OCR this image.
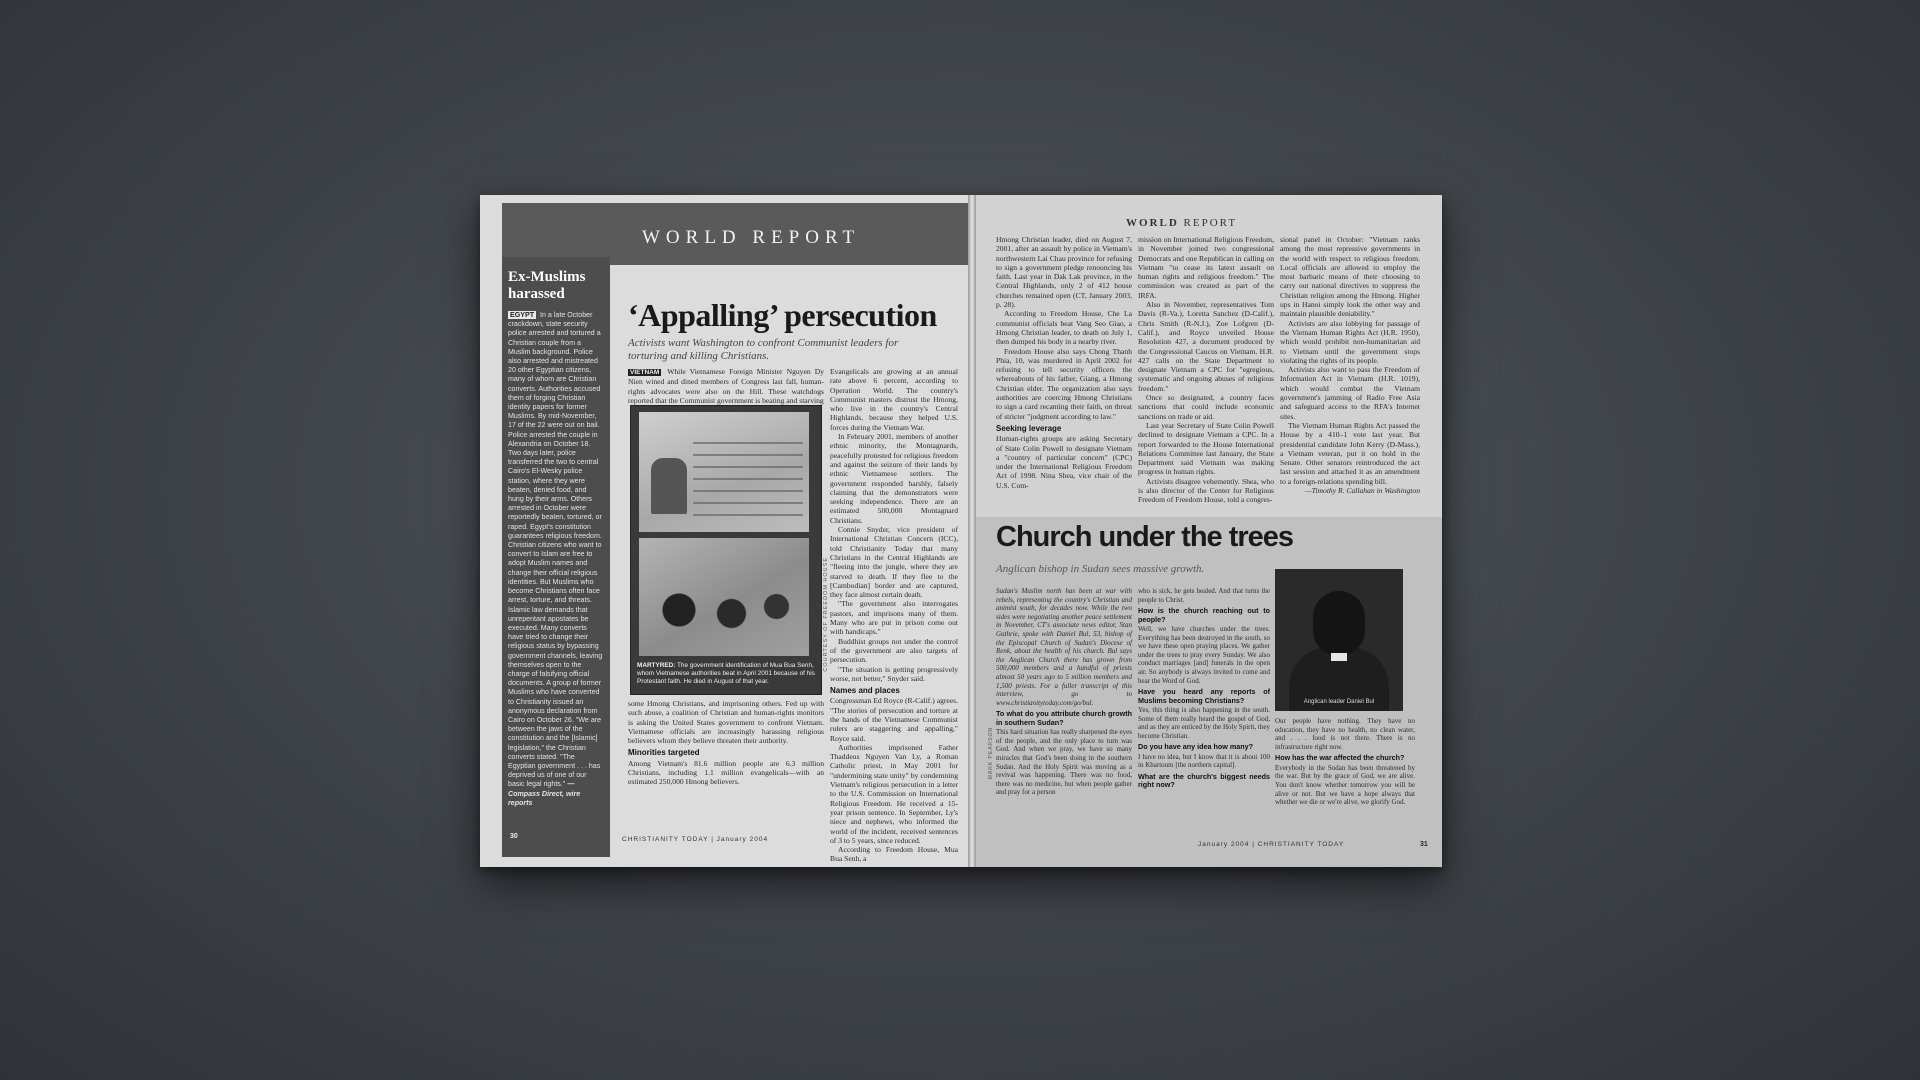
WORLD REPORT
Ex-Muslims harassed
EGYPT In a late October crackdown, state security police arrested and tortured a Christian couple from a Muslim background. Police also arrested and mistreated 20 other Egyptian citizens, many of whom are Christian converts. Authorities accused them of forging Christian identity papers for former Muslims. By mid-November, 17 of the 22 were out on bail. Police arrested the couple in Alexandria on October 18. Two days later, police transferred the two to central Cairo's El-Wesky police station, where they were beaten, denied food, and hung by their arms. Others arrested in October were reportedly beaten, tortured, or raped. Egypt's constitution guarantees religious freedom. Christian citizens who want to convert to Islam are free to adopt Muslim names and change their official religious identities. But Muslims who become Christians often face arrest, torture, and threats. Islamic law demands that unrepentant apostates be executed. Many converts have tried to change their religious status by bypassing government channels, leaving themselves open to the charge of falsifying official documents. A group of former Muslims who have converted to Christianity issued an anonymous declaration from Cairo on October 26. "We are between the jaws of the constitution and the [Islamic] legislation," the Christian converts stated. "The Egyptian government . . . has deprived us of one of our basic legal rights." —Compass Direct, wire reports
30
‘Appalling’ persecution
Activists want Washington to confront Communist leaders for torturing and killing Christians.

VIETNAM While Vietnamese Foreign Minister Nguyen Dy Nien wined and dined members of Congress last fall, human-rights advocates were also on the Hill. These watchdogs reported that the Communist government is beating and starving

MARTYRED: The government identification of Mua Bua Senh, whom Vietnamese authorities beat in April 2001 because of his Protestant faith. He died in August of that year.

some Hmong Christians, and imprisoning others. Fed up with such abuse, a coalition of Christian and human-rights monitors is asking the United States government to confront Vietnam. Vietnamese officials are increasingly harassing religious believers whom they believe threaten their authority.

Minorities targeted

Among Vietnam's 81.6 million people are 6.3 million Christians, including 1.1 million evangelicals—with an estimated 250,000 Hmong believers.

Evangelicals are growing at an annual rate above 6 percent, according to Operation World. The country's Communist masters distrust the Hmong, who live in the country's Central Highlands, because they helped U.S. forces during the Vietnam War.

In February 2001, members of another ethnic minority, the Montagnards, peacefully protested for religious freedom and against the seizure of their lands by ethnic Vietnamese settlers. The government responded harshly, falsely claiming that the demonstrators were seeking independence. There are an estimated 500,000 Montagnard Christians.

Connie Snyder, vice president of International Christian Concern (ICC), told Christianity Today that many Christians in the Central Highlands are "fleeing into the jungle, where they are starved to death. If they flee to the [Cambodian] border and are captured, they face almost certain death.

"The government also interrogates pastors, and imprisons many of them. Many who are put in prison come out with handicaps."

Buddhist groups not under the control of the government are also targets of persecution.

"The situation is getting progressively worse, not better," Snyder said.

Names and places

Congressman Ed Royce (R-Calif.) agrees. "The stories of persecution and torture at the hands of the Vietnamese Communist rulers are staggering and appalling," Royce said.

Authorities imprisoned Father Thaddeus Nguyen Van Ly, a Roman Catholic priest, in May 2001 for "undermining state unity" by condemning Vietnam's religious persecution in a letter to the U.S. Commission on International Religious Freedom. He received a 15-year prison sentence. In September, Ly's niece and nephews, who informed the world of the incident, received sentences of 3 to 5 years, since reduced.

According to Freedom House, Mua Bua Senh, a

COURTESY OF FREEDOM HOUSE
CHRISTIANITY TODAY | January 2004
WORLD REPORT

Hmong Christian leader, died on August 7, 2001, after an assault by police in Vietnam's northwestern Lai Chau province for refusing to sign a government pledge renouncing his faith. Last year in Dak Lak province, in the Central Highlands, only 2 of 412 house churches remained open (CT, January 2003, p. 28).

According to Freedom House, Che La communist officials beat Vang Seo Giao, a Hmong Christian leader, to death on July 1, then dumped his body in a nearby river.

Freedom House also says Chong Thanh Phia, 10, was murdered in April 2002 for refusing to tell security officers the whereabouts of his father, Giang, a Hmong Christian elder. The organization also says authorities are coercing Hmong Christians to sign a card recanting their faith, on threat of stricter "judgment according to law."

Seeking leverage

Human-rights groups are asking Secretary of State Colin Powell to designate Vietnam a "country of particular concern" (CPC) under the International Religious Freedom Act of 1998. Nina Shea, vice chair of the U.S. Com-

mission on International Religious Freedom, in November joined two congressional Democrats and one Republican in calling on Vietnam "to cease its latest assault on human rights and religious freedom." The commission was created as part of the IRFA.

Also in November, representatives Tom Davis (R-Va.), Loretta Sanchez (D-Calif.), Chris Smith (R-N.J.), Zoe Lofgren (D-Calif.), and Royce unveiled House Resolution 427, a document produced by the Congressional Caucus on Vietnam. H.R. 427 calls on the State Department to designate Vietnam a CPC for "egregious, systematic and ongoing abuses of religious freedom."

Once so designated, a country faces sanctions that could include economic sanctions on trade or aid.

Last year Secretary of State Colin Powell declined to designate Vietnam a CPC. In a report forwarded to the House International Relations Committee last January, the State Department said Vietnam was making progress in human rights.

Activists disagree vehemently. Shea, who is also director of the Center for Religious Freedom of Freedom House, told a congres-

sional panel in October: "Vietnam ranks among the most repressive governments in the world with respect to religious freedom. Local officials are allowed to employ the most barbaric means of their choosing to carry out national directives to suppress the Christian religion among the Hmong. Higher ups in Hanoi simply look the other way and maintain plausible deniability."

Activists are also lobbying for passage of the Vietnam Human Rights Act (H.R. 1950), which would prohibit non-humanitarian aid to Vietnam until the government stops violating the rights of its people.

Activists also want to pass the Freedom of Information Act in Vietnam (H.R. 1019), which would combat the Vietnam government's jamming of Radio Free Asia and safeguard access to the RFA's Internet sites.

The Vietnam Human Rights Act passed the House by a 410–1 vote last year. But presidential candidate John Kerry (D-Mass.), a Vietnam veteran, put it on hold in the Senate. Other senators reintroduced the act last session and attached it as an amendment to a foreign-relations spending bill.

—Timothy R. Callahan in Washington

Church under the trees
Anglican bishop in Sudan sees massive growth.
MARK PEARSON

Sudan's Muslim north has been at war with rebels, representing the country's Christian and animist south, for decades now. While the two sides were negotiating another peace settlement in November, CT's associate news editor, Stan Guthrie, spoke with Daniel Bul, 53, bishop of the Episcopal Church of Sudan's Diocese of Renk, about the health of his church. Bul says the Anglican Church there has grown from 500,000 members and a handful of priests almost 50 years ago to 5 million members and 1,500 priests. For a fuller transcript of this interview, go to www.christianitytoday.com/go/bul.

To what do you attribute church growth in southern Sudan?

This hard situation has really sharpened the eyes of the people, and the only place to turn was God. And when we pray, we have so many miracles that God's been doing in the southern Sudan. And the Holy Spirit was moving as a revival was happening. There was no food, there was no medicine, but when people gather and pray for a person

who is sick, he gets healed. And that turns the people to Christ.

How is the church reaching out to people?

Well, we have churches under the trees. Everything has been destroyed in the south, so we have these open praying places. We gather under the trees to pray every Sunday. We also conduct marriages [and] funerals in the open air. So anybody is always invited to come and hear the Word of God.

Have you heard any reports of Muslims becoming Christians?

Yes, this thing is also happening in the south. Some of them really heard the gospel of God, and as they are enticed by the Holy Spirit, they become Christian.

Do you have any idea how many?

I have no idea, but I know that it is about 100 in Khartoum [the northern capital].

What are the church's biggest needs right now?
Anglican leader Daniel Bul

Our people have nothing. They have no education, they have no health, no clean water, and . . . food is not there. There is no infrastructure right now.

How has the war affected the church?

Everybody in the Sudan has been threatened by the war. But by the grace of God, we are alive. You don't know whether tomorrow you will be alive or not. But we have a hope always that whether we die or we're alive, we glorify God.

January 2004 | CHRISTIANITY TODAY	31
